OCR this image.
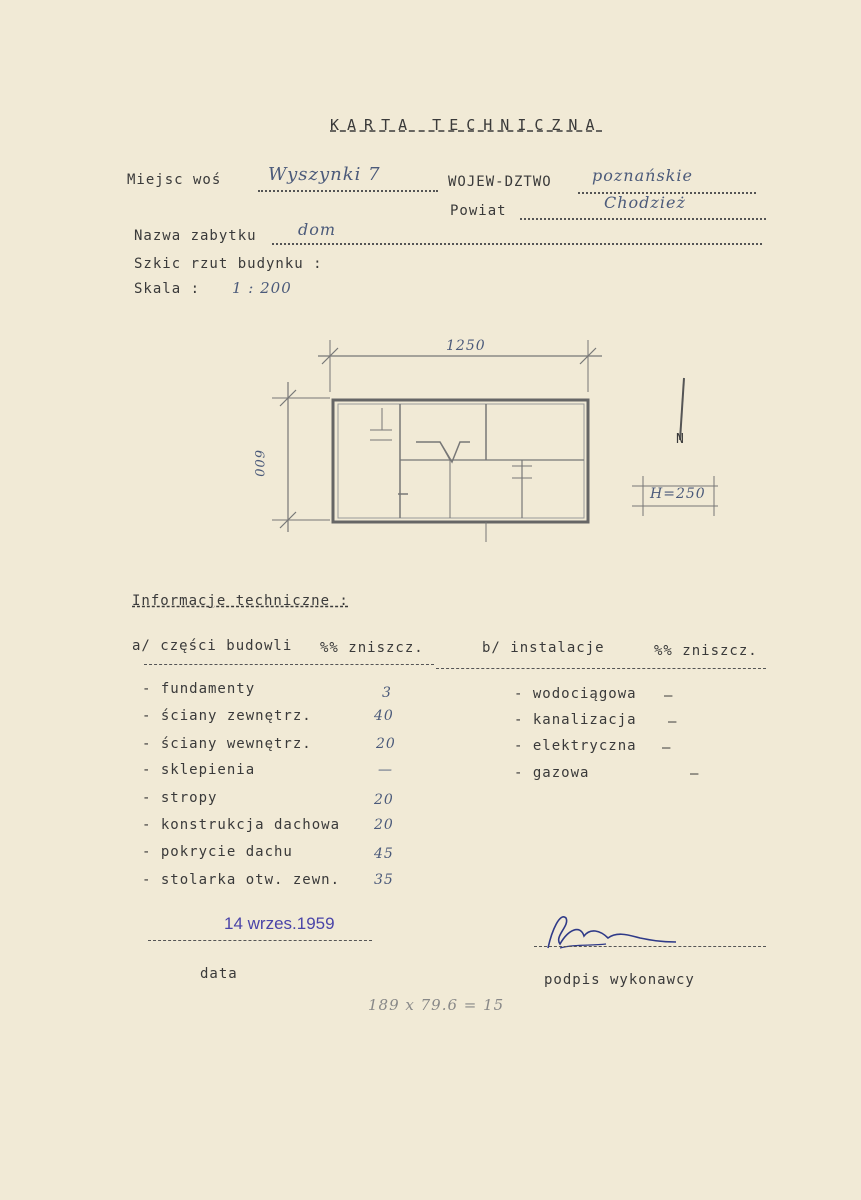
KARTA TECHNICZNA
Miejsc woś	Wyszynki 7	WOJEW-DZTWO	poznańskie
Powiat	Chodzież
Nazwa zabytku	dom
Szkic rzut budynku :
Skala : 1 : 200
1250
600
N
H=250
Informacje techniczne :
a/ części budowli %% zniszcz.	b/ instalacje	%% zniszcz.
- fundamenty	3
- ściany zewnętrz.	40
- ściany wewnętrz.	20
- sklepienia	—
- stropy	20
- konstrukcja dachowa 20
- pokrycie dachu	45
- stolarka otw. zewn. 35
- wodociągowa —
- kanalizacja —
- elektryczna —
- gazowa	—
14 wrzes.1959
data	podpis wykonawcy
189 x 79.6 = 15
